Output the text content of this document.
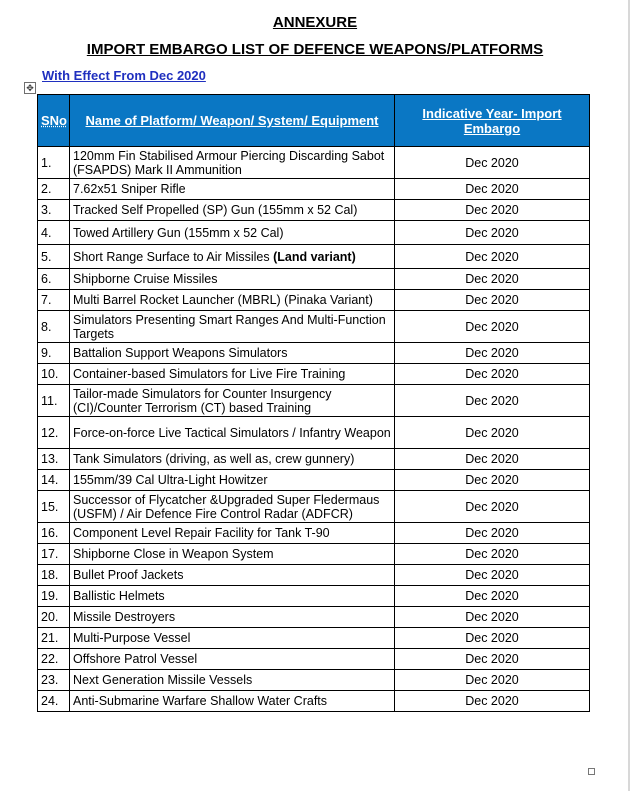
ANNEXURE
IMPORT EMBARGO LIST OF DEFENCE WEAPONS/PLATFORMS
With Effect From Dec 2020
✥
SNo	Name of Platform/ Weapon/ System/ Equipment	Indicative Year- Import Embargo
1.	120mm Fin Stabilised Armour Piercing Discarding Sabot (FSAPDS) Mark II Ammunition	Dec 2020
2.	7.62x51 Sniper Rifle	Dec 2020
3.	Tracked Self Propelled (SP) Gun (155mm x 52 Cal)	Dec 2020
4.	Towed Artillery Gun (155mm x 52 Cal)	Dec 2020
5.	Short Range Surface to Air Missiles (Land variant)	Dec 2020
6.	Shipborne Cruise Missiles	Dec 2020
7.	Multi Barrel Rocket Launcher (MBRL) (Pinaka Variant)	Dec 2020
8.	Simulators Presenting Smart Ranges And Multi-Function Targets	Dec 2020
9.	Battalion Support Weapons Simulators	Dec 2020
10.	Container-based Simulators for Live Fire Training	Dec 2020
11.	Tailor-made Simulators for Counter Insurgency (CI)/Counter Terrorism (CT) based Training	Dec 2020
12.	Force-on-force Live Tactical Simulators / Infantry Weapon	Dec 2020
13.	Tank Simulators (driving, as well as, crew gunnery)	Dec 2020
14.	155mm/39 Cal Ultra-Light Howitzer	Dec 2020
15.	Successor of Flycatcher &Upgraded Super Fledermaus (USFM) / Air Defence Fire Control Radar (ADFCR)	Dec 2020
16.	Component Level Repair Facility for Tank T-90	Dec 2020
17.	Shipborne Close in Weapon System	Dec 2020
18.	Bullet Proof Jackets	Dec 2020
19.	Ballistic Helmets	Dec 2020
20.	Missile Destroyers	Dec 2020
21.	Multi-Purpose Vessel	Dec 2020
22.	Offshore Patrol Vessel	Dec 2020
23.	Next Generation Missile Vessels	Dec 2020
24.	Anti-Submarine Warfare Shallow Water Crafts	Dec 2020
